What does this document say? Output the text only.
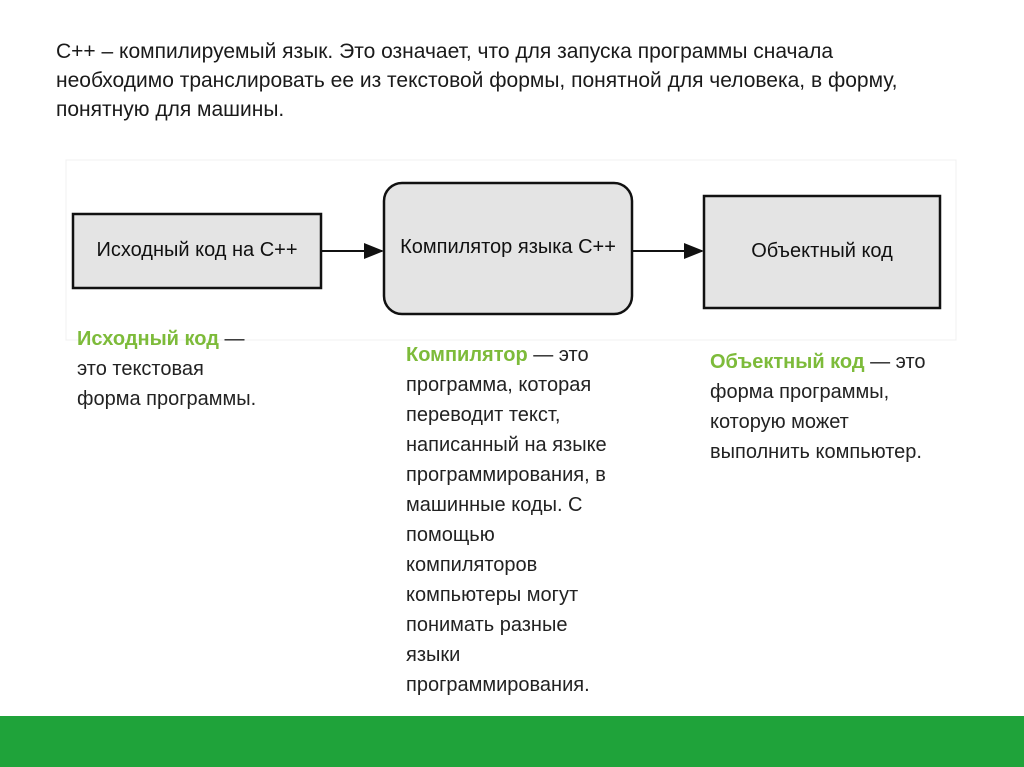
C++ – компилируемый язык. Это означает, что для запуска программы сначала необходимо транслировать ее из текстовой формы, понятной для человека, в форму, понятную для машины.

Исходный код на С++	Компилятор языка С++	Объектный код
Исходный код —
это текстовая
форма программы.
Компилятор — это
программа, которая
переводит текст,
написанный на языке
программирования, в
машинные коды. С
помощью
компиляторов
компьютеры могут
понимать разные
языки
программирования.
Объектный код — это
форма программы,
которую может
выполнить компьютер.
